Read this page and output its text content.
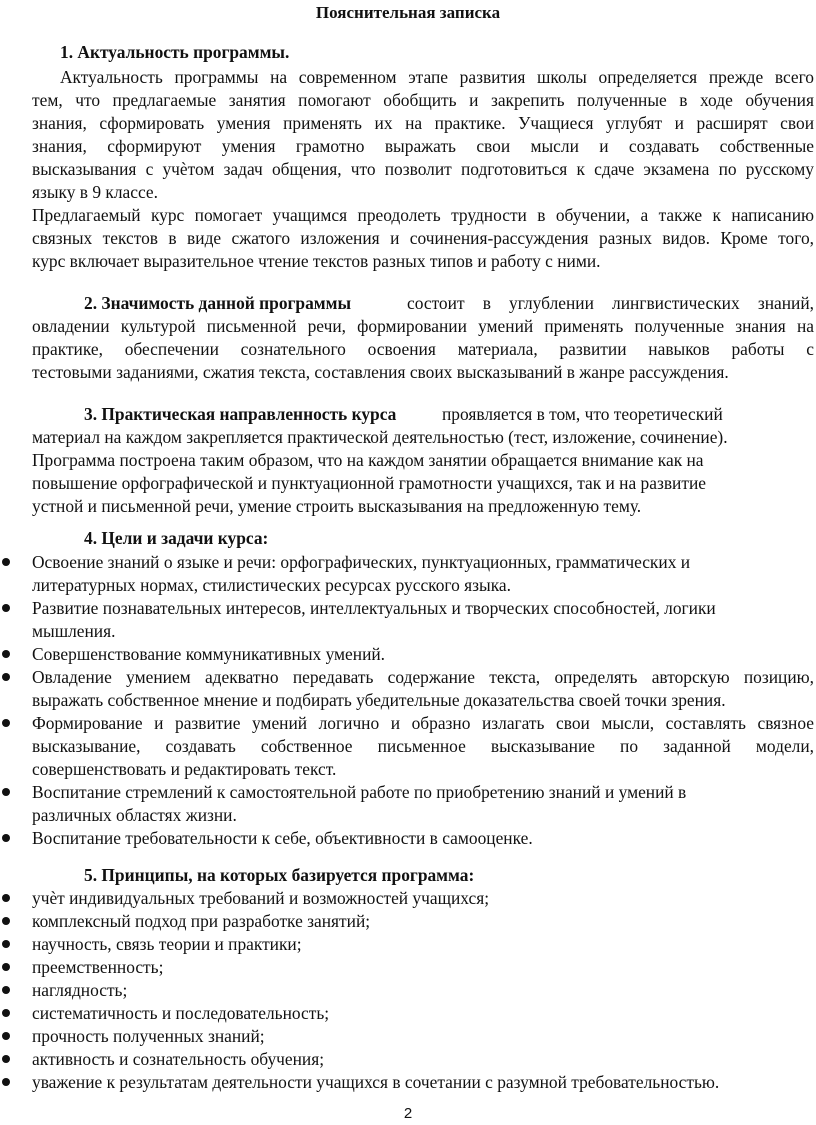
Пояснительная записка
1. Актуальность программы.
Актуальность программы на современном этапе развития школы определяется прежде всего
тем, что предлагаемые занятия помогают обобщить и закрепить полученные в ходе обучения
знания, сформировать умения применять их на практике. Учащиеся углубят и расширят свои
знания, сформируют умения грамотно выражать свои мысли и создавать собственные
высказывания с учѐтом задач общения, что позволит подготовиться к сдаче экзамена по русскому
языку в 9 классе.
Предлагаемый курс помогает учащимся преодолеть трудности в обучении, а также к написанию
связных текстов в виде сжатого изложения и сочинения-рассуждения разных видов. Кроме того,
курс включает выразительное чтение текстов разных типов и работу с ними.
2. Значимость данной программы	состоит в углублении лингвистических знаний,
овладении культурой письменной речи, формировании умений применять полученные знания на
практике, обеспечении сознательного освоения материала, развитии навыков работы с
тестовыми заданиями, сжатия текста, составления своих высказываний в жанре рассуждения.
3. Практическая направленность курса	проявляется в том, что теоретический
материал на каждом закрепляется практической деятельностью (тест, изложение, сочинение).
Программа построена таким образом, что на каждом занятии обращается внимание как на
повышение орфографической и пунктуационной грамотности учащихся, так и на развитие
устной и письменной речи, умение строить высказывания на предложенную тему.
4. Цели и задачи курса:
Освоение знаний о языке и речи: орфографических, пунктуационных, грамматических и
литературных нормах, стилистических ресурсах русского языка.
Развитие познавательных интересов, интеллектуальных и творческих способностей, логики
мышления.
Совершенствование коммуникативных умений.
Овладение умением адекватно передавать содержание текста, определять авторскую позицию,
выражать собственное мнение и подбирать убедительные доказательства своей точки зрения.
Формирование и развитие умений логично и образно излагать свои мысли, составлять связное
высказывание, создавать собственное письменное высказывание по заданной модели,
совершенствовать и редактировать текст.
Воспитание стремлений к самостоятельной работе по приобретению знаний и умений в
различных областях жизни.
Воспитание требовательности к себе, объективности в самооценке.
5. Принципы, на которых базируется программа:
учѐт индивидуальных требований и возможностей учащихся;
комплексный подход при разработке занятий;
научность, связь теории и практики;
преемственность;
наглядность;
систематичность и последовательность;
прочность полученных знаний;
активность и сознательность обучения;
уважение к результатам деятельности учащихся в сочетании с разумной требовательностью.
2
